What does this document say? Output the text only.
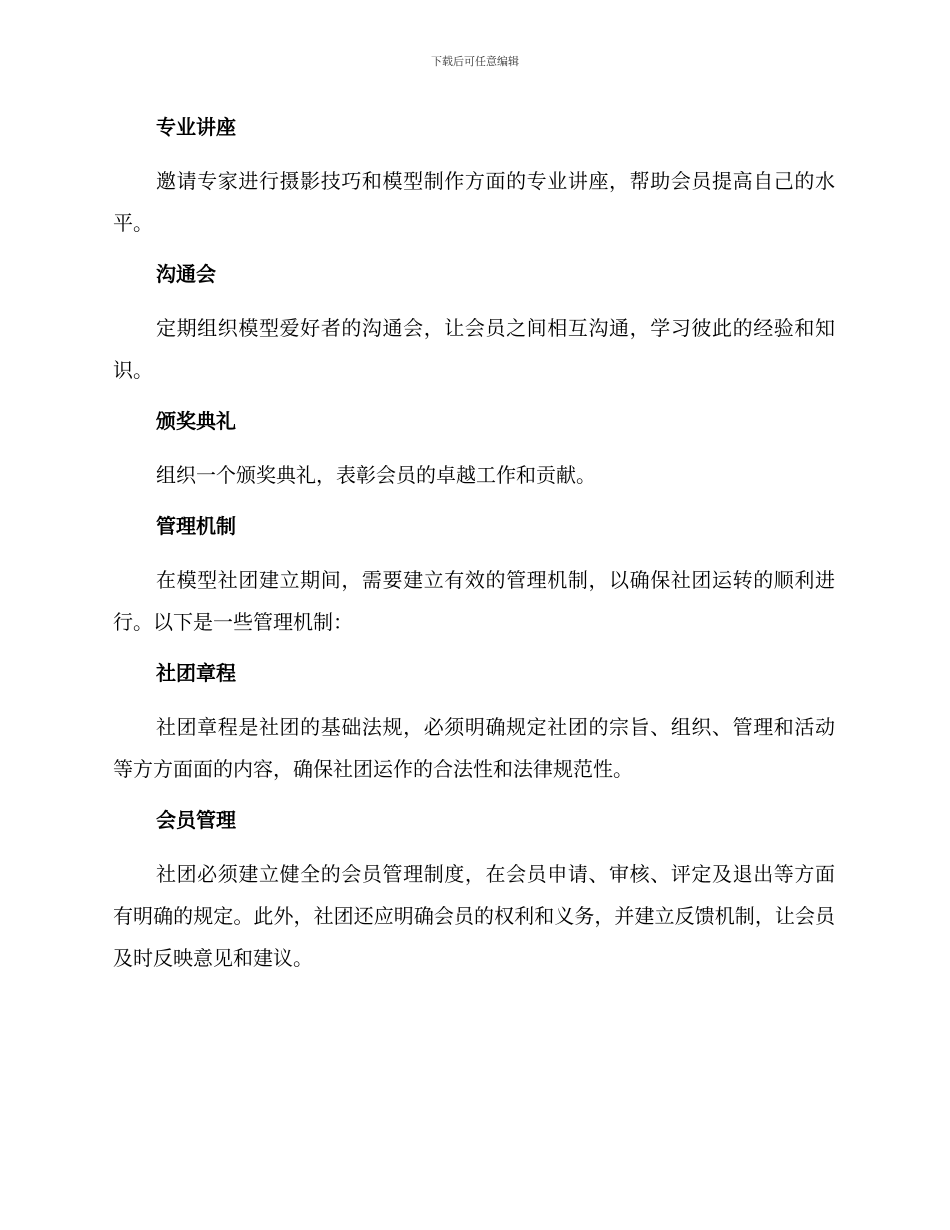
下载后可任意编辑
专业讲座

邀请专家进行摄影技巧和模型制作方面的专业讲座，帮助会员提高自己的水平。

沟通会

定期组织模型爱好者的沟通会，让会员之间相互沟通，学习彼此的经验和知识。

颁奖典礼

组织一个颁奖典礼，表彰会员的卓越工作和贡献。

管理机制

在模型社团建立期间，需要建立有效的管理机制，以确保社团运转的顺利进行。以下是一些管理机制：

社团章程

社团章程是社团的基础法规，必须明确规定社团的宗旨、组织、管理和活动等方方面面的内容，确保社团运作的合法性和法律规范性。

会员管理

社团必须建立健全的会员管理制度，在会员申请、审核、评定及退出等方面有明确的规定。此外，社团还应明确会员的权利和义务，并建立反馈机制，让会员及时反映意见和建议。
